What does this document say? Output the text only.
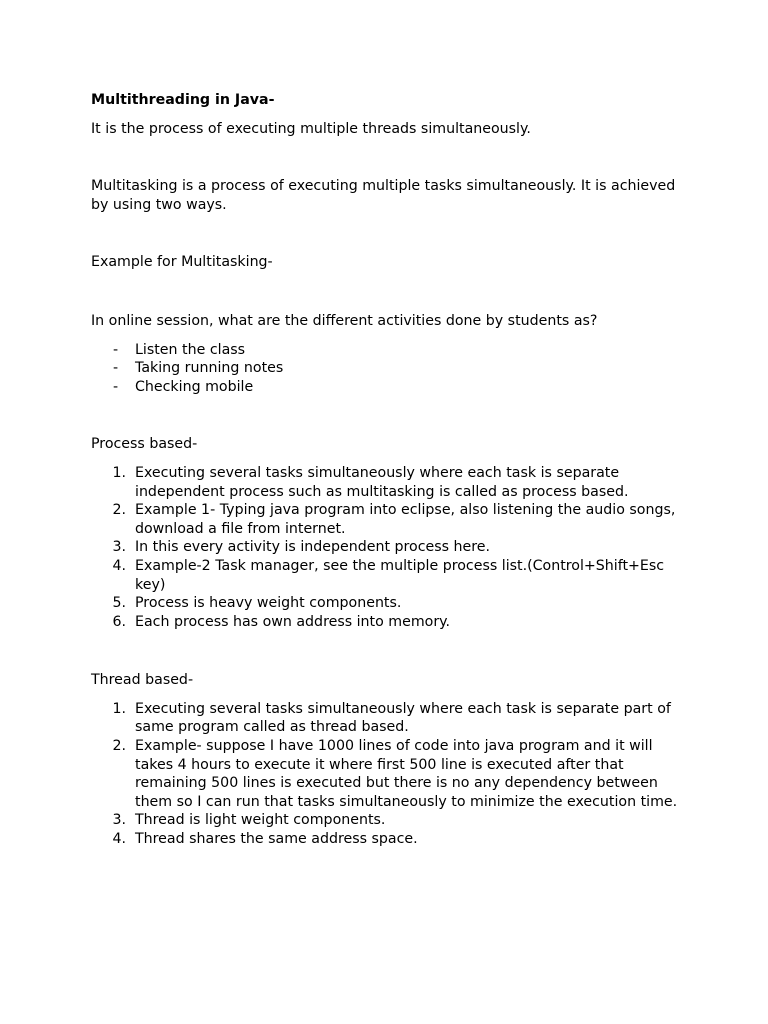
Multithreading in Java-

It is the process of executing multiple threads simultaneously.

Multitasking is a process of executing multiple tasks simultaneously. It is achieved by using two ways.

Example for Multitasking-

In online session, what are the different activities done by students as?

-	Listen the class
-	Taking running notes
-	Checking mobile

Process based-

1. Executing several tasks simultaneously where each task is separate independent process such as multitasking is called as process based.
2. Example 1- Typing java program into eclipse, also listening the audio songs, download a file from internet.
3. In this every activity is independent process here.
4. Example-2 Task manager, see the multiple process list.(Control+Shift+Esc key)
5. Process is heavy weight components.
6. Each process has own address into memory.

Thread based-

1. Executing several tasks simultaneously where each task is separate part of same program called as thread based.
2. Example- suppose I have 1000 lines of code into java program and it will takes 4 hours to execute it where first 500 line is executed after that remaining 500 lines is executed but there is no any dependency between them so I can run that tasks simultaneously to minimize the execution time.
3. Thread is light weight components.
4. Thread shares the same address space.
